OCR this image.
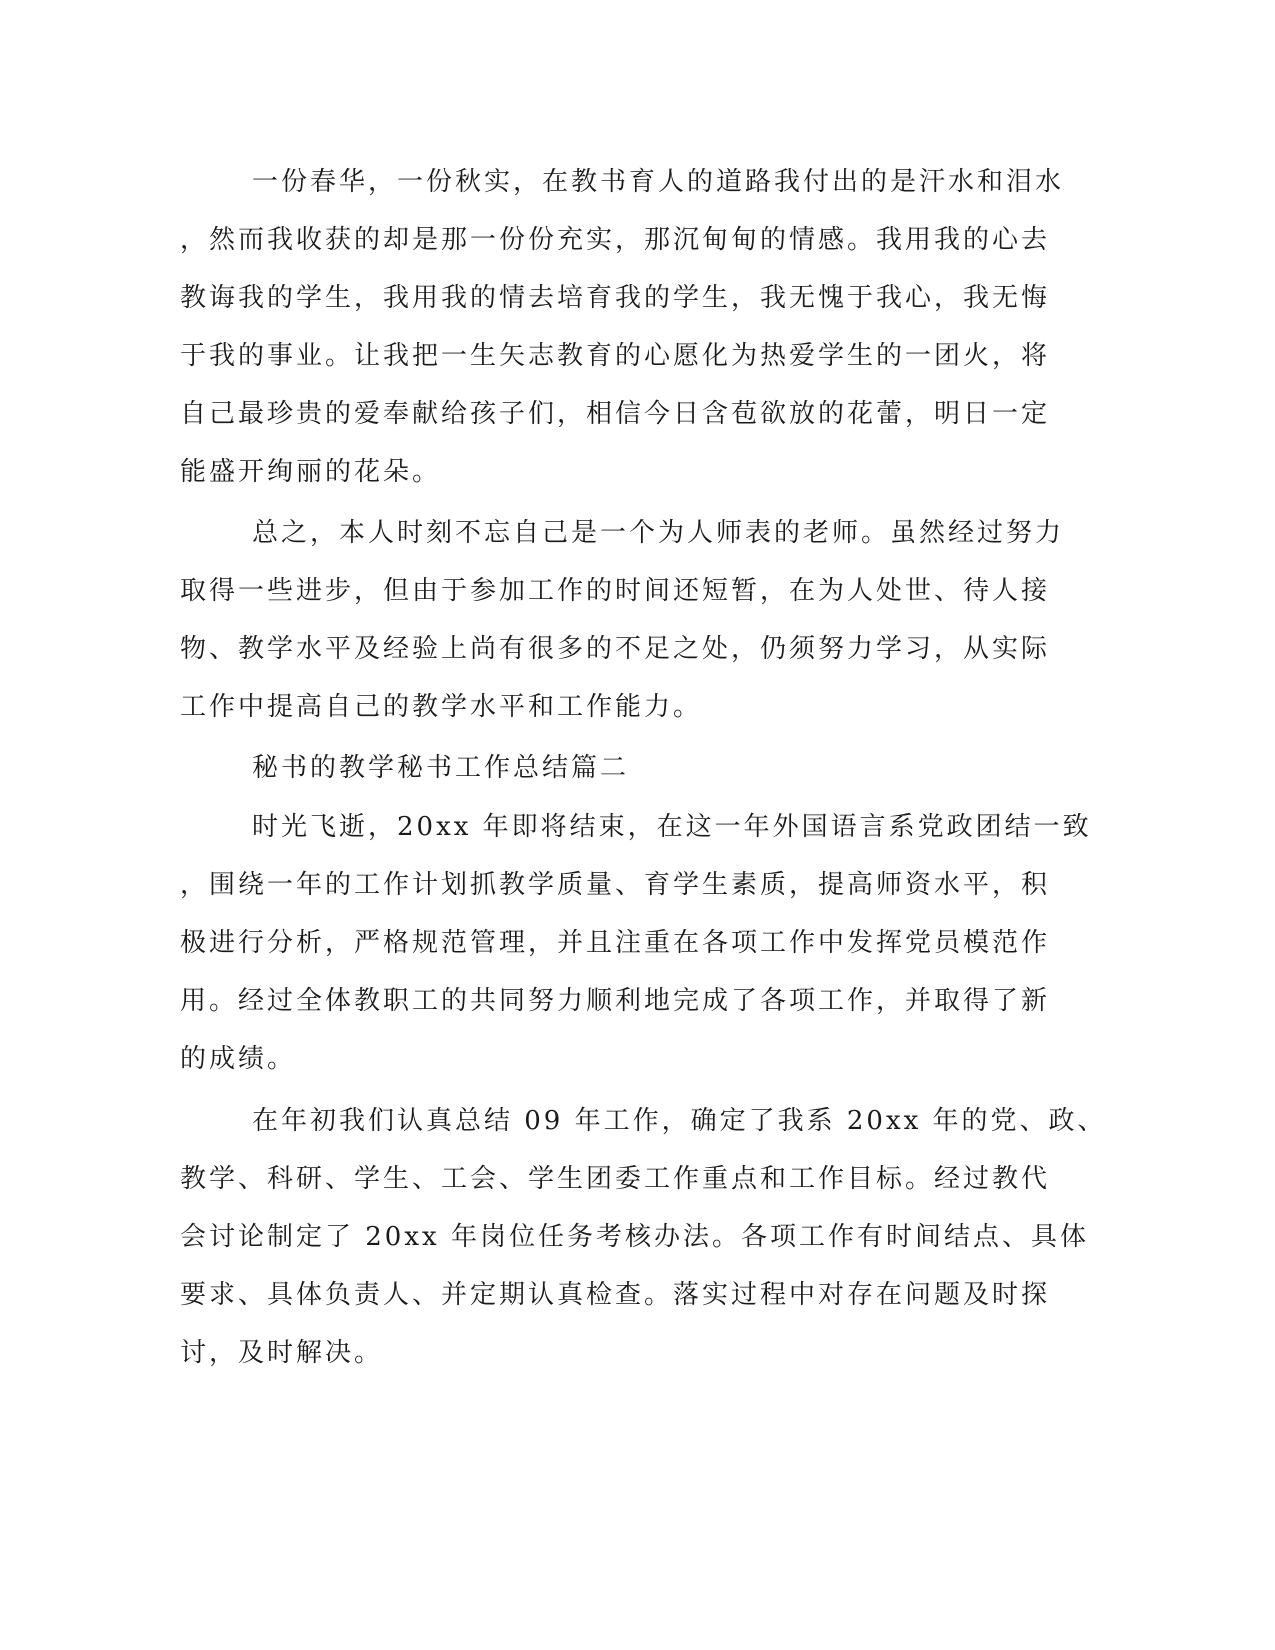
一份春华，一份秋实，在教书育人的道路我付出的是汗水和泪水

，然而我收获的却是那一份份充实，那沉甸甸的情感。我用我的心去

教诲我的学生，我用我的情去培育我的学生，我无愧于我心，我无悔

于我的事业。让我把一生矢志教育的心愿化为热爱学生的一团火，将

自己最珍贵的爱奉献给孩子们，相信今日含苞欲放的花蕾，明日一定

能盛开绚丽的花朵。

总之，本人时刻不忘自己是一个为人师表的老师。虽然经过努力

取得一些进步，但由于参加工作的时间还短暂，在为人处世、待人接

物、教学水平及经验上尚有很多的不足之处，仍须努力学习，从实际

工作中提高自己的教学水平和工作能力。

秘书的教学秘书工作总结篇二

时光飞逝，20xx 年即将结束，在这一年外国语言系党政团结一致

，围绕一年的工作计划抓教学质量、育学生素质，提高师资水平，积

极进行分析，严格规范管理，并且注重在各项工作中发挥党员模范作

用。经过全体教职工的共同努力顺利地完成了各项工作，并取得了新

的成绩。

在年初我们认真总结 09 年工作，确定了我系 20xx 年的党、政、

教学、科研、学生、工会、学生团委工作重点和工作目标。经过教代

会讨论制定了 20xx 年岗位任务考核办法。各项工作有时间结点、具体

要求、具体负责人、并定期认真检查。落实过程中对存在问题及时探

讨，及时解决。
